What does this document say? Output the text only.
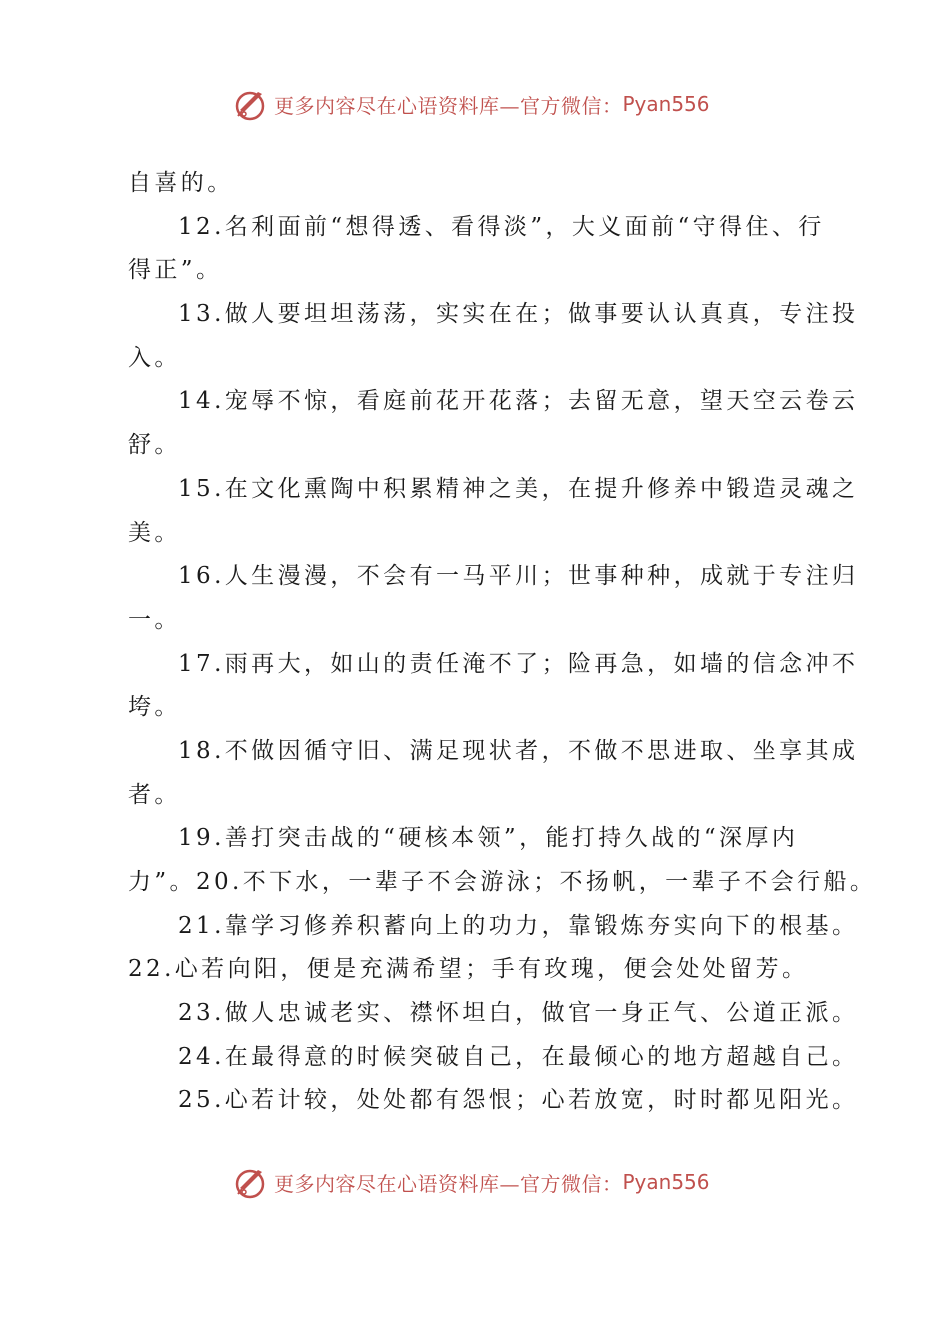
更多内容尽在心语资料库—官方微信： Pyan556
自喜的。
12.名利面前“想得透、看得淡”，大义面前“守得住、行
得正”。
13.做人要坦坦荡荡，实实在在；做事要认认真真，专注投
入。
14.宠辱不惊，看庭前花开花落；去留无意，望天空云卷云
舒。
15.在文化熏陶中积累精神之美，在提升修养中锻造灵魂之
美。
16.人生漫漫，不会有一马平川；世事种种，成就于专注归
一。
17.雨再大，如山的责任淹不了；险再急，如墙的信念冲不
垮。
18.不做因循守旧、满足现状者，不做不思进取、坐享其成
者。
19.善打突击战的“硬核本领”，能打持久战的“深厚内
力”。20.不下水，一辈子不会游泳；不扬帆，一辈子不会行船。
21.靠学习修养积蓄向上的功力，靠锻炼夯实向下的根基。
22.心若向阳，便是充满希望；手有玫瑰，便会处处留芳。
23.做人忠诚老实、襟怀坦白，做官一身正气、公道正派。
24.在最得意的时候突破自己，在最倾心的地方超越自己。
25.心若计较，处处都有怨恨；心若放宽，时时都见阳光。
更多内容尽在心语资料库—官方微信： Pyan556
